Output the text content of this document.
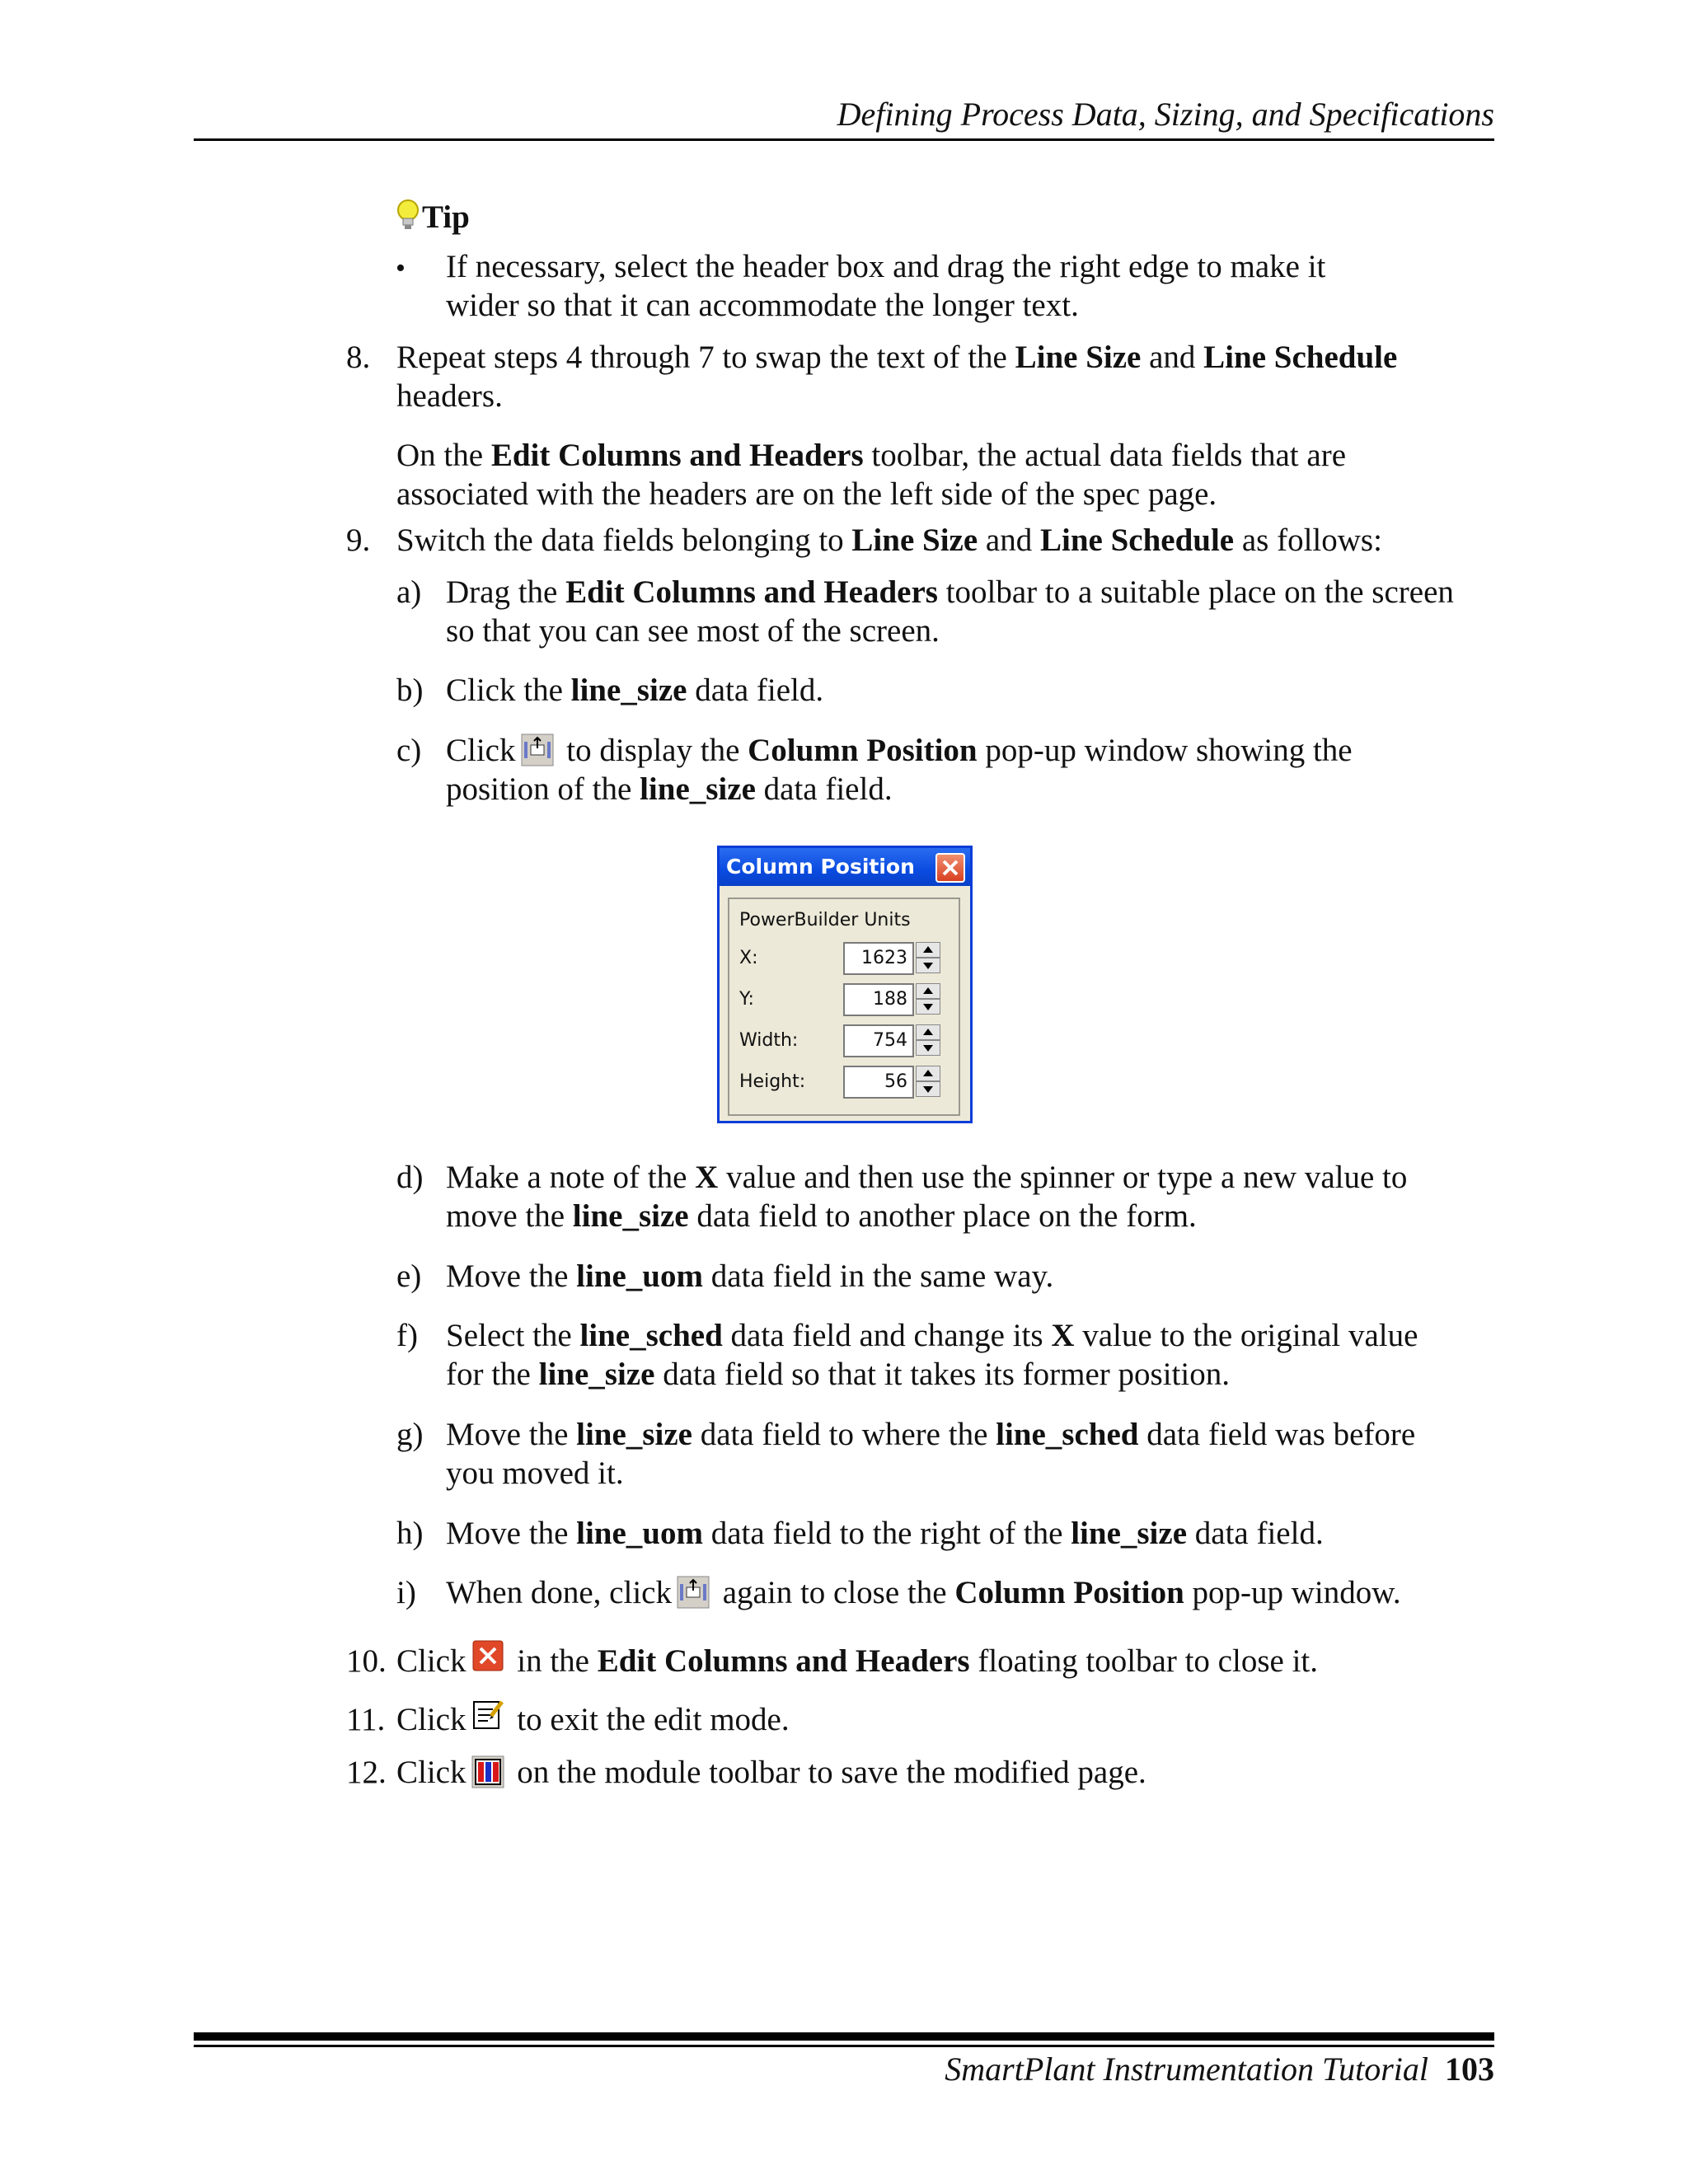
Defining Process Data, Sizing, and Specifications
Tip
• If necessary, select the header box and drag the right edge to make it
wider so that it can accommodate the longer text.
8. Repeat steps 4 through 7 to swap the text of the Line Size and Line Schedule
headers.
On the Edit Columns and Headers toolbar, the actual data fields that are
associated with the headers are on the left side of the spec page.
9. Switch the data fields belonging to Line Size and Line Schedule as follows:
a) Drag the Edit Columns and Headers toolbar to a suitable place on the screen
so that you can see most of the screen.
b) Click the line_size data field.
c) Click to display the Column Position pop-up window showing the
position of the line_size data field.
Column Position
PowerBuilder Units
X:	1623
Y:	188
Width:	754
Height:	56
d) Make a note of the X value and then use the spinner or type a new value to
move the line_size data field to another place on the form.
e) Move the line_uom data field in the same way.
f) Select the line_sched data field and change its X value to the original value
for the line_size data field so that it takes its former position.
g) Move the line_size data field to where the line_sched data field was before
you moved it.
h) Move the line_uom data field to the right of the line_size data field.
i) When done, click again to close the Column Position pop-up window.
10. Click in the Edit Columns and Headers floating toolbar to close it.
11. Click to exit the edit mode.
12. Click on the module toolbar to save the modified page.
SmartPlant Instrumentation Tutorial 103
